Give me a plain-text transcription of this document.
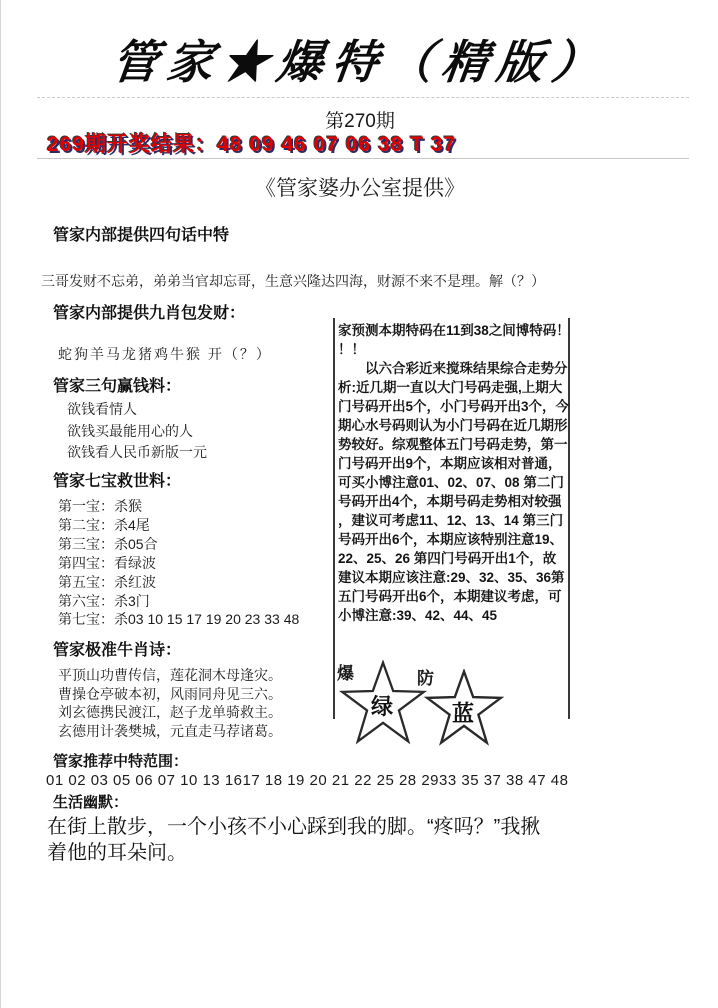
管家★爆特（精版）
第270期
269期开奖结果：48 09 46 07 06 38 T 37
《管家婆办公室提供》
管家内部提供四句话中特
三哥发财不忘弟，弟弟当官却忘哥，生意兴隆达四海，财源不来不是理。解（？）
管家内部提供九肖包发财：
蛇狗羊马龙猪鸡牛猴 开（？）
管家三句赢钱料：
欲钱看情人
欲钱买最能用心的人
欲钱看人民币新版一元
管家七宝救世料：
第一宝：杀猴
第二宝：杀4尾
第三宝：杀05合
第四宝：看绿波
第五宝：杀红波
第六宝：杀3门
第七宝：杀03 10 15 17 19 20 23 33 48
管家极准牛肖诗：
平顶山功曹传信，莲花洞木母逢灾。
曹操仓亭破本初，风雨同舟见三六。
刘玄德携民渡江，赵子龙单骑救主。
玄德用计袭樊城，元直走马荐诸葛。
管家推荐中特范围：
01 02 03 05 06 07 10 13 1617 18 19 20 21 22 25 28 2933 35 37 38 47 48
生活幽默：
在街上散步，一个小孩不小心踩到我的脚。“疼吗？”我揪
着他的耳朵问。
家预测本期特码在11到38之间博特码！
！！
　　以六合彩近来搅珠结果综合走势分
析:近几期一直以大门号码走强,上期大
门号码开出5个，小门号码开出3个，今
期心水号码则认为小门号码在近几期形
势较好。综观整体五门号码走势，第一
门号码开出9个，本期应该相对普通，
可买小博注意01、02、07、08 第二门
号码开出4个，本期号码走势相对较强
，建议可考虑11、12、13、14 第三门
号码开出6个，本期应该特别注意19、
22、25、26 第四门号码开出1个，故
建议本期应该注意:29、32、35、36第
五门号码开出6个，本期建议考虑，可
小博注意:39、42、44、45
爆
绿
防
蓝
